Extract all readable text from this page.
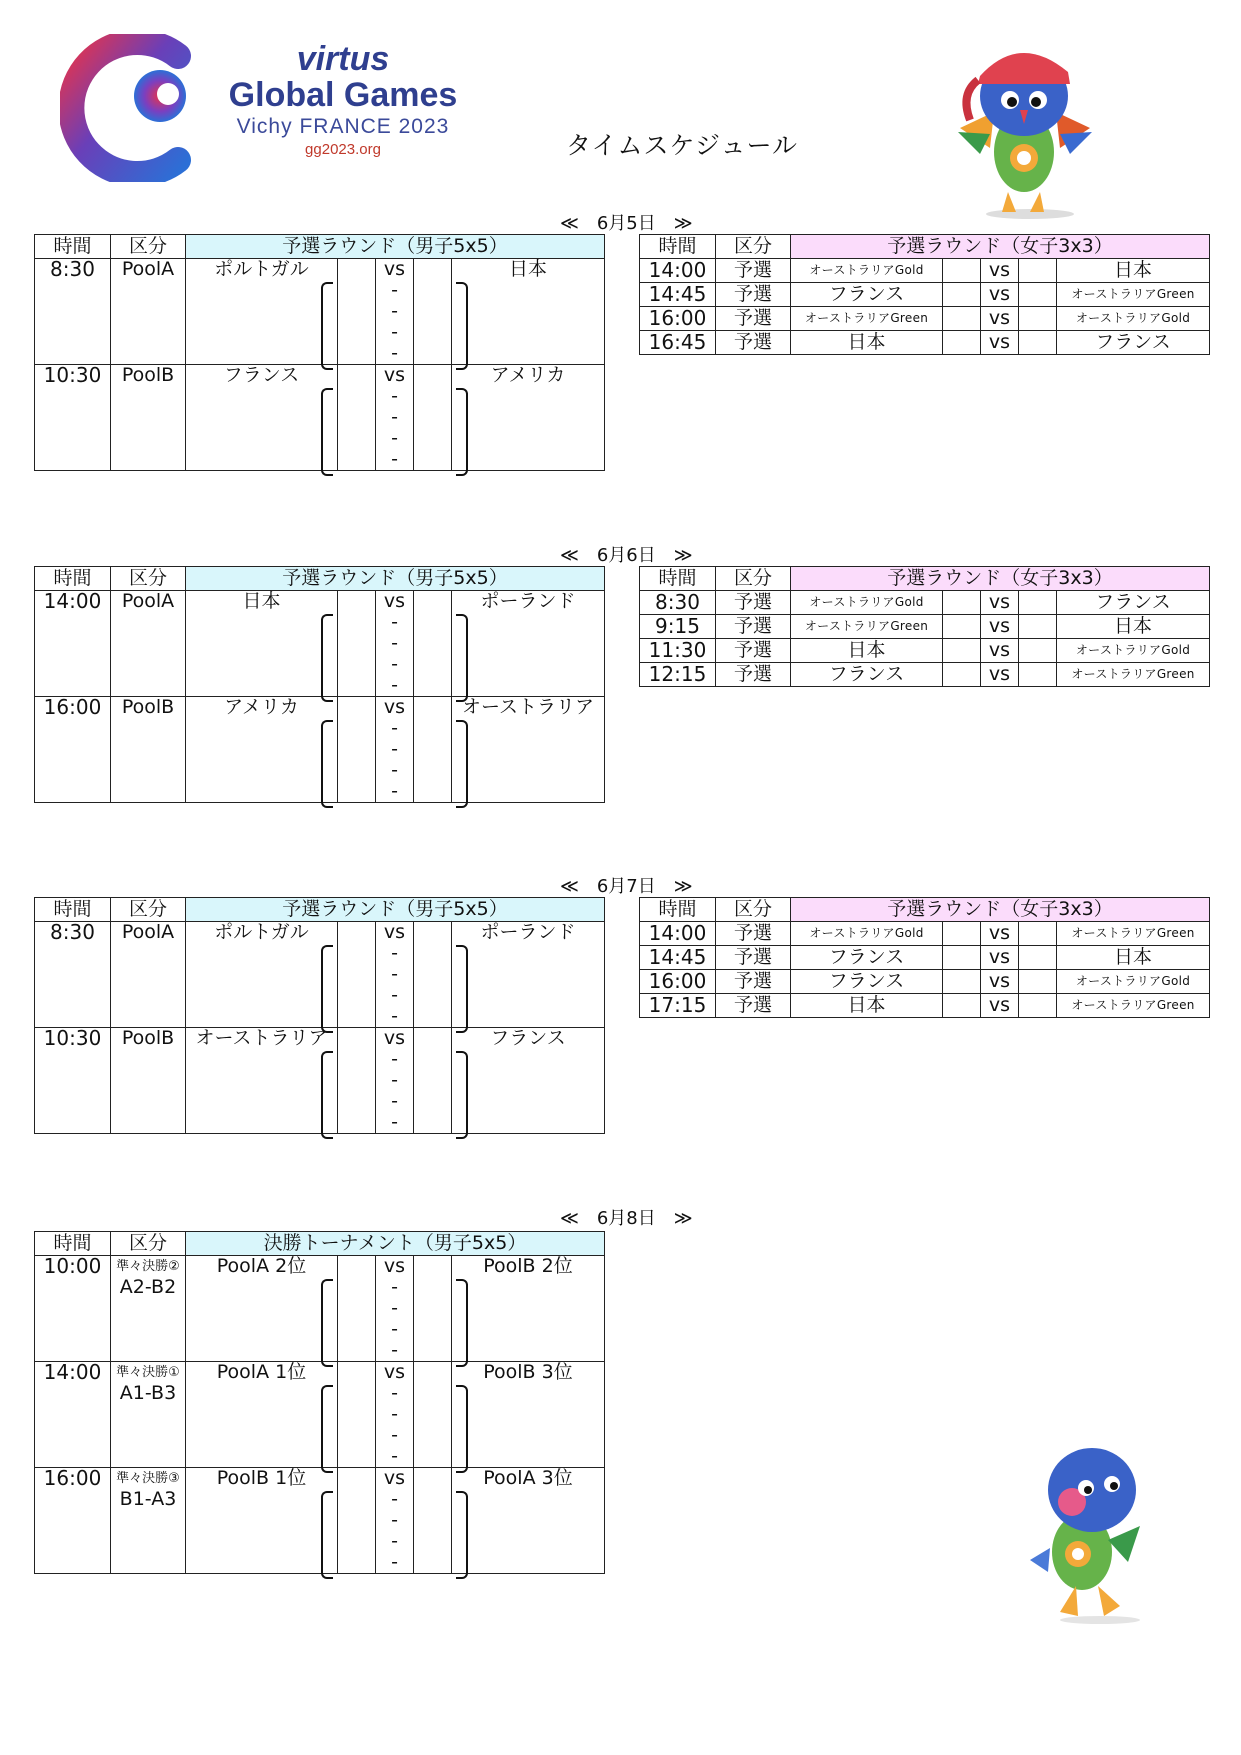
virtus
Global Games
Vichy FRANCE 2023
gg2023.org	タイムスケジュール
≪　6月5日　≫
≪　6月6日　≫
≪　6月7日　≫
≪　6月8日　≫
時間	区分	予選ラウンド（男子5x5）				
8:30	PoolA	ポルトガル		vs		日本

		-		

				-		
				-		
				-		
10:30	PoolB	フランス		vs		アメリカ

		-		

				-		
				-		
				-		
時間	区分	予選ラウンド（男子5x5）				
14:00	PoolA	日本		vs		ポーランド

		-		

				-		
				-		
				-		
16:00	PoolB	アメリカ		vs		オーストラリア

		-		

				-		
				-		
				-		
時間	区分	予選ラウンド（男子5x5）				
8:30	PoolA	ポルトガル		vs		ポーランド

		-		

				-		
				-		
				-		
10:30	PoolB	オーストラリア		vs		フランス

		-		

				-		
				-		
				-		
時間	区分	予選ラウンド（女子3x3）				
14:00	予選	オーストラリアGold		vs		日本
14:45	予選	フランス		vs		オーストラリアGreen
16:00	予選	オーストラリアGreen		vs		オーストラリアGold
16:45	予選	日本		vs		フランス
時間	区分	予選ラウンド（女子3x3）				
8:30	予選	オーストラリアGold		vs		フランス
9:15	予選	オーストラリアGreen		vs		日本
11:30	予選	日本		vs		オーストラリアGold
12:15	予選	フランス		vs		オーストラリアGreen
時間	区分	予選ラウンド（女子3x3）				
14:00	予選	オーストラリアGold		vs		オーストラリアGreen
14:45	予選	フランス		vs		日本
16:00	予選	フランス		vs		オーストラリアGold
17:15	予選	日本		vs		オーストラリアGreen
時間	区分	決勝トーナメント（男子5x5）				
10:00	準々決勝②	PoolA 2位		vs		PoolB 2位
	A2-B2			-		

				-		
				-		
				-		
14:00	準々決勝①	PoolA 1位		vs		PoolB 3位
	A1-B3			-		

				-		
				-		
				-		
16:00	準々決勝③	PoolB 1位		vs		PoolA 3位
	B1-A3			-		

				-		
				-		
				-		
